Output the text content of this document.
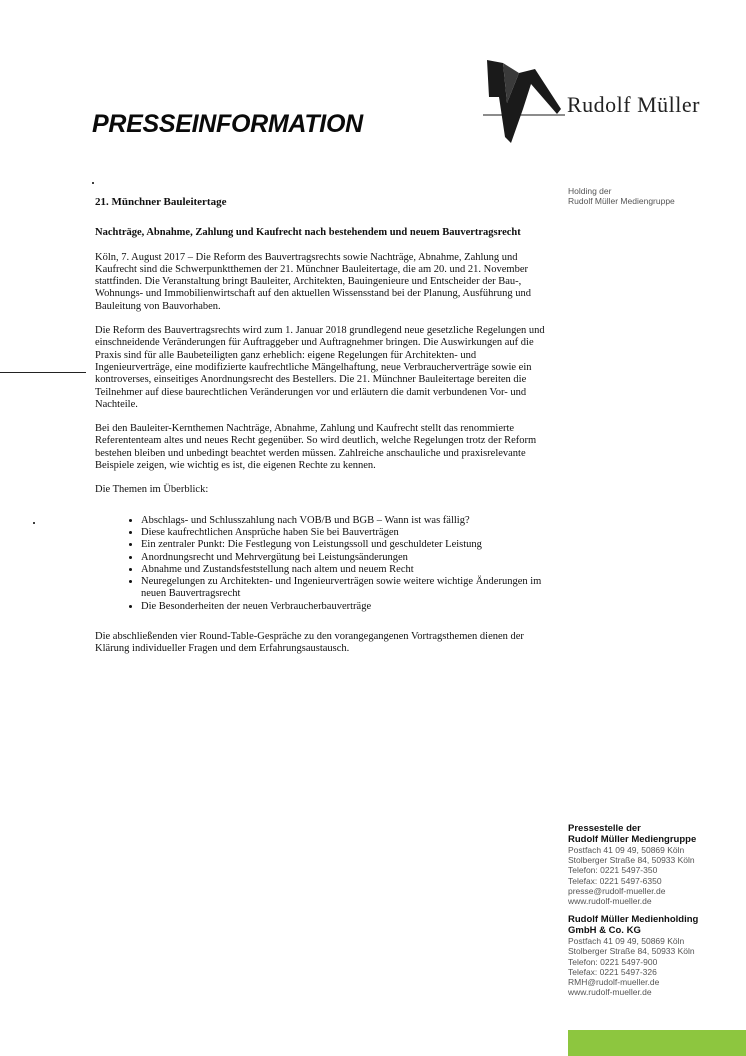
PRESSEINFORMATION
Rudolf Müller
Holding der
Rudolf Müller Mediengruppe
21. Münchner Bauleitertage
Nachträge, Abnahme, Zahlung und Kaufrecht nach bestehendem und neuem Bauvertragsrecht

Köln, 7. August 2017 – Die Reform des Bauvertragsrechts sowie Nachträge, Abnahme, Zahlung und Kaufrecht sind die Schwerpunktthemen der 21. Münchner Bauleitertage, die am 20. und 21. November stattfinden. Die Veranstaltung bringt Bauleiter, Architekten, Bauingenieure und Entscheider der Bau-, Wohnungs- und Immobilienwirtschaft auf den aktuellen Wissensstand bei der Planung, Ausführung und Bauleitung von Bauvorhaben.

Die Reform des Bauvertragsrechts wird zum 1. Januar 2018 grundlegend neue gesetzliche Regelungen und einschneidende Veränderungen für Auftraggeber und Auftragnehmer bringen. Die Auswirkungen auf die Praxis sind für alle Baubeteiligten ganz erheblich: eigene Regelungen für Architekten- und Ingenieurverträge, eine modifizierte kaufrechtliche Mängelhaftung, neue Verbraucherverträge sowie ein kontroverses, einseitiges Anordnungsrecht des Bestellers. Die 21. Münchner Bauleitertage bereiten die Teilnehmer auf diese baurechtlichen Veränderungen vor und erläutern die damit verbundenen Vor- und Nachteile.

Bei den Bauleiter-Kernthemen Nachträge, Abnahme, Zahlung und Kaufrecht stellt das renommierte Referententeam altes und neues Recht gegenüber. So wird deutlich, welche Regelungen trotz der Reform bestehen bleiben und unbedingt beachtet werden müssen. Zahlreiche anschauliche und praxisrelevante Beispiele zeigen, wie wichtig es ist, die eigenen Rechte zu kennen.

Die Themen im Überblick:

• Abschlags- und Schlusszahlung nach VOB/B und BGB – Wann ist was fällig?
• Diese kaufrechtlichen Ansprüche haben Sie bei Bauverträgen
• Ein zentraler Punkt: Die Festlegung von Leistungssoll und geschuldeter Leistung
• Anordnungsrecht und Mehrvergütung bei Leistungsänderungen
• Abnahme und Zustandsfeststellung nach altem und neuem Recht
• Neuregelungen zu Architekten- und Ingenieurverträgen sowie weitere wichtige Änderungen im neuen Bauvertragsrecht
• Die Besonderheiten der neuen Verbraucherbauverträge

Die abschließenden vier Round-Table-Gespräche zu den vorangegangenen Vortragsthemen dienen der Klärung individueller Fragen und dem Erfahrungsaustausch.

Pressestelle der
Rudolf Müller Mediengruppe
Postfach 41 09 49, 50869 Köln
Stolberger Straße 84, 50933 Köln
Telefon: 0221 5497-350
Telefax: 0221 5497-6350
presse@rudolf-mueller.de
www.rudolf-mueller.de
Rudolf Müller Medienholding
GmbH & Co. KG
Postfach 41 09 49, 50869 Köln
Stolberger Straße 84, 50933 Köln
Telefon: 0221 5497-900
Telefax: 0221 5497-326
RMH@rudolf-mueller.de
www.rudolf-mueller.de
